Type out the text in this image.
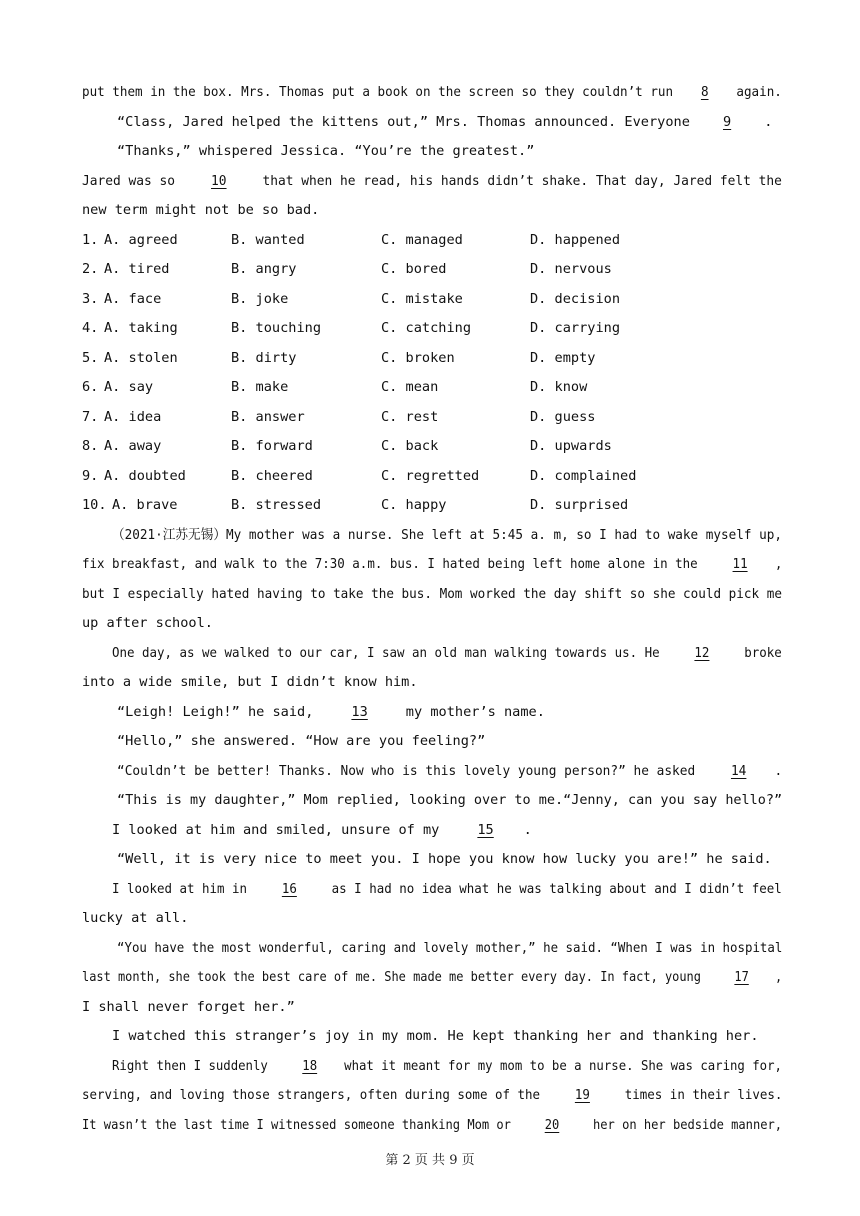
put them in the box. Mrs. Thomas put a book on the screen so they couldn’t run 8 again.
“Class, Jared helped the kittens out,” Mrs. Thomas announced. Everyone 9 .
“Thanks,” whispered Jessica. “You’re the greatest.”
Jared was so 10 that when he read, his hands didn’t shake. That day, Jared felt the
new term might not be so bad.
1. A. agreed	B. wanted	C. managed	D. happened
2. A. tired	B. angry	C. bored	D. nervous
3. A. face	B. joke	C. mistake	D. decision
4. A. taking	B. touching	C. catching	D. carrying
5. A. stolen	B. dirty	C. broken	D. empty
6. A. say	B. make	C. mean	D. know
7. A. idea	B. answer	C. rest	D. guess
8. A. away	B. forward	C. back	D. upwards
9. A. doubted	B. cheered	C. regretted	D. complained
10. A. brave	B. stressed	C. happy	D. surprised
（2021·江苏无锡）My mother was a nurse. She left at 5:45 a. m, so I had to wake myself up,
fix breakfast, and walk to the 7:30 a.m. bus. I hated being left home alone in the 11 ,
but I especially hated having to take the bus. Mom worked the day shift so she could pick me
up after school.
One day, as we walked to our car, I saw an old man walking towards us. He 12 broke
into a wide smile, but I didn’t know him.
“Leigh! Leigh!” he said, 13 my mother’s name.
“Hello,” she answered. “How are you feeling?”
“Couldn’t be better! Thanks. Now who is this lovely young person?” he asked 14 .
“This is my daughter,” Mom replied, looking over to me.“Jenny, can you say hello?”
I looked at him and smiled, unsure of my 15 .
“Well, it is very nice to meet you. I hope you know how lucky you are!” he said.
I looked at him in 16 as I had no idea what he was talking about and I didn’t feel
lucky at all.
“You have the most wonderful, caring and lovely mother,” he said. “When I was in hospital
last month, she took the best care of me. She made me better every day. In fact, young 17 ,
I shall never forget her.”
I watched this stranger’s joy in my mom. He kept thanking her and thanking her.
Right then I suddenly 18 what it meant for my mom to be a nurse. She was caring for,
serving, and loving those strangers, often during some of the 19 times in their lives.
It wasn’t the last time I witnessed someone thanking Mom or 20 her on her bedside manner,
第 2 页 共 9 页
